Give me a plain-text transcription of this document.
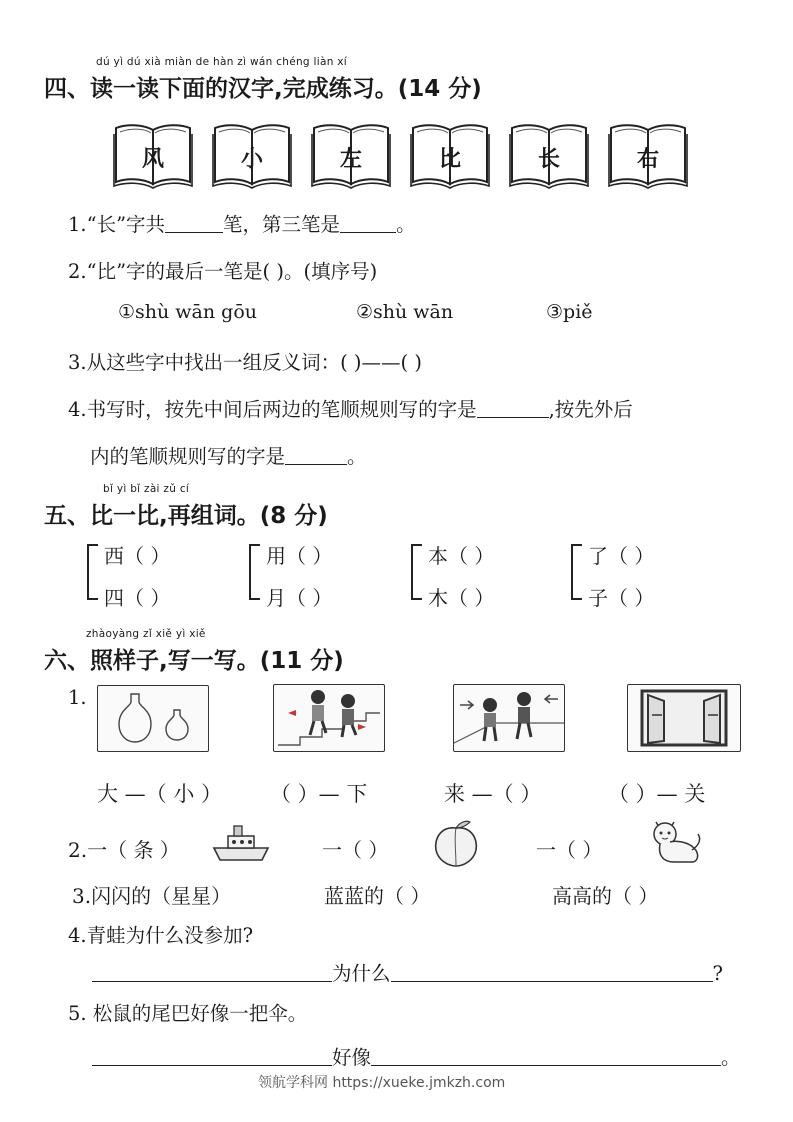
dú yì dú xià miàn de hàn zì wán chéng liàn xí
四、读一读下面的汉字,完成练习。(14 分)
风	小	左	比	长	右
1.“长”字共	笔，第三笔是	。
2.“比”字的最后一笔是( )。(填序号)
①shù wān gōu	②shù wān	③piě
3.从这些字中找出一组反义词：( )——( )
4.书写时，按先中间后两边的笔顺规则写的字是	,按先外后
内的笔顺规则写的字是	。
bǐ yì bǐ zài zǔ cí
五、比一比,再组词。(8 分)
西（ ）
四（ ）
用（ ）
月（ ）
本（ ）
木（ ）
了（ ）
子（ ）
zhàoyàng zǐ xiě yì xiě
六、照样子,写一写。(11 分)
1.
大 —（ 小 ） （ ）— 下	来 —（ ）	（ ）— 关
2.一（ 条 ）	一（ ）	一（ ）
3.闪闪的（星星）	蓝蓝的（ ）	高高的（ ）
4.青蛙为什么没参加?
为什么	?
5. 松鼠的尾巴好像一把伞。
好像	。
领航学科网 https://xueke.jmkzh.com
